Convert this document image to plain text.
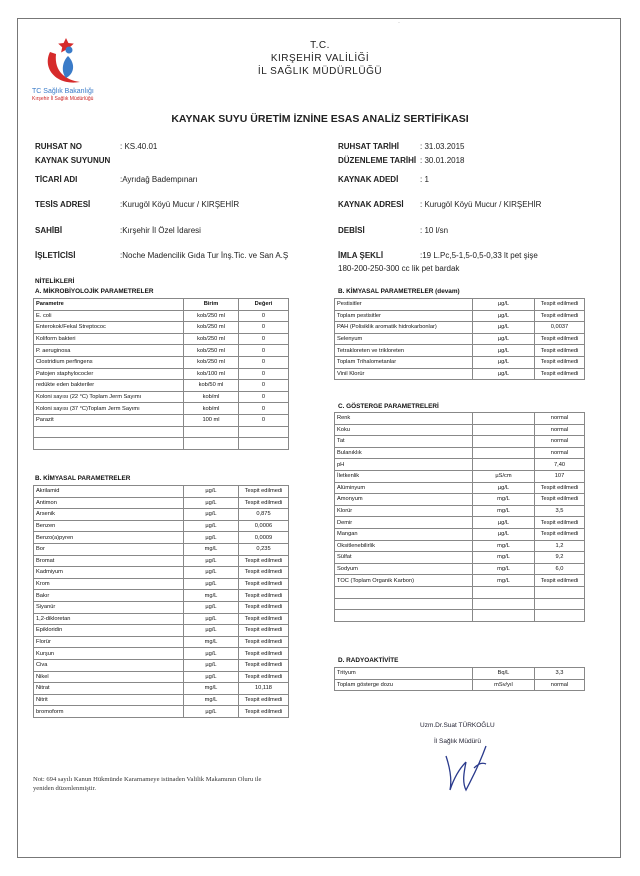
·
TC Sağlık Bakanlığı
Kırşehir İl Sağlık Müdürlüğü
T.C.
KIRŞEHİR VALİLİĞİ
İL SAĞLIK MÜDÜRLÜĞÜ
KAYNAK SUYU ÜRETİM İZNİNE ESAS ANALİZ SERTİFİKASI
RUHSAT NO	: KS.40.01
KAYNAK SUYUNUN
TİCARİ ADI	:Ayrıdağ Badempınarı
TESİS ADRESİ	:Kurugöl Köyü Mucur / KIRŞEHİR
SAHİBİ	:Kırşehir İl Özel İdaresi
İŞLETİCİSİ	:Noche Madencilik Gıda Tur İnş.Tic. ve San A.Ş
RUHSAT TARİHİ	: 31.03.2015
DÜZENLEME TARİHİ : 30.01.2018
KAYNAK ADEDİ	: 1
KAYNAK ADRESİ : Kurugöl Köyü Mucur / KIRŞEHİR
DEBİSİ	: 10 l/sn
İMLA ŞEKLİ	:19 L.Pc,5-1,5-0,5-0,33 lt pet şişe
180-200-250-300 cc lik pet bardak
NİTELİKLERİ
A. MİKROBİYOLOJİK PARAMETRELER	B. KİMYASAL PARAMETRELER (devam)
B. KİMYASAL PARAMETRELER
C. GÖSTERGE PARAMETRELERİ
D. RADYOAKTİVİTE
Parametre	Birim	Değeri
E. coli	kob/250 ml	0
Enterokok/Fekal Streptococ	kob/250 ml	0
Koliform bakteri	kob/250 ml	0
P. aeruginosa	kob/250 ml	0
Clostridium perfingens	kob/250 ml	0
Patojen staphylococler	kob/100 ml	0
redükte eden bakteriler	kob/50 ml	0
Koloni sayısı (22 °C) Toplam Jerm Sayımı	kob/ml	0
Koloni sayısı (37 °C)Toplam Jerm Sayımı	kob/ml	0
Parazit	100 ml	0

Akrilamid	µg/L	Tespit edilmedi
Antimon	µg/L	Tespit edilmedi
Arsenik	µg/L	0,875
Benzen	µg/L	0,0006
Benzo(a)pyren	µg/L	0,0009
Bor	mg/L	0,235
Bromat	µg/L	Tespit edilmedi
Kadmiyum	µg/L	Tespit edilmedi
Krom	µg/L	Tespit edilmedi
Bakır	mg/L	Tespit edilmedi
Siyanür	µg/L	Tespit edilmedi
1,2-dikloretan	µg/L	Tespit edilmedi
Epikloridin	µg/L	Tespit edilmedi
Florür	mg/L	Tespit edilmedi
Kurşun	µg/L	Tespit edilmedi
Civa	µg/L	Tespit edilmedi
Nikel	µg/L	Tespit edilmedi
Nitrat	mg/L	10,118
Nitrit	mg/L	Tespit edilmedi
bromoform	µg/L	Tespit edilmedi
Pestisitler	µg/L	Tespit edilmedi
Toplam pestisitler	µg/L	Tespit edilmedi
PAH (Polisiklik aromatik hidrokarbonlar)	µg/L	0,0037
Selenyum	µg/L	Tespit edilmedi
Tetrakloreten ve trikloreten	µg/L	Tespit edilmedi
Toplam Trihalometanlar	µg/L	Tespit edilmedi
Vinil Klorür	µg/L	Tespit edilmedi
Renk		normal
Koku		normal
Tat		normal
Bulanıklık		normal
pH		7,40
İletkenlik	µS/cm	107
Alüminyum	µg/L	Tespit edilmedi
Amonyum	mg/L	Tespit edilmedi
Klorür	mg/L	3,5
Demir	µg/L	Tespit edilmedi
Mangan	µg/L	Tespit edilmedi
Oksitlenebilirlik	mg/L	1,2
Sülfat	mg/L	9,2
Sodyum	mg/L	6,0
TOC (Toplam Organik Karbon)	mg/L	Tespit edilmedi

Trityum	Bq/L	3,3
Toplam gösterge dozu	mSv/yıl	normal
Uzm.Dr.Suat TÜRKOĞLU
İl Sağlık Müdürü
Not: 694 sayılı Kanun Hükmünde Kararnameye istinaden Valilik Makamının Oluru ile yeniden düzenlenmiştir.
